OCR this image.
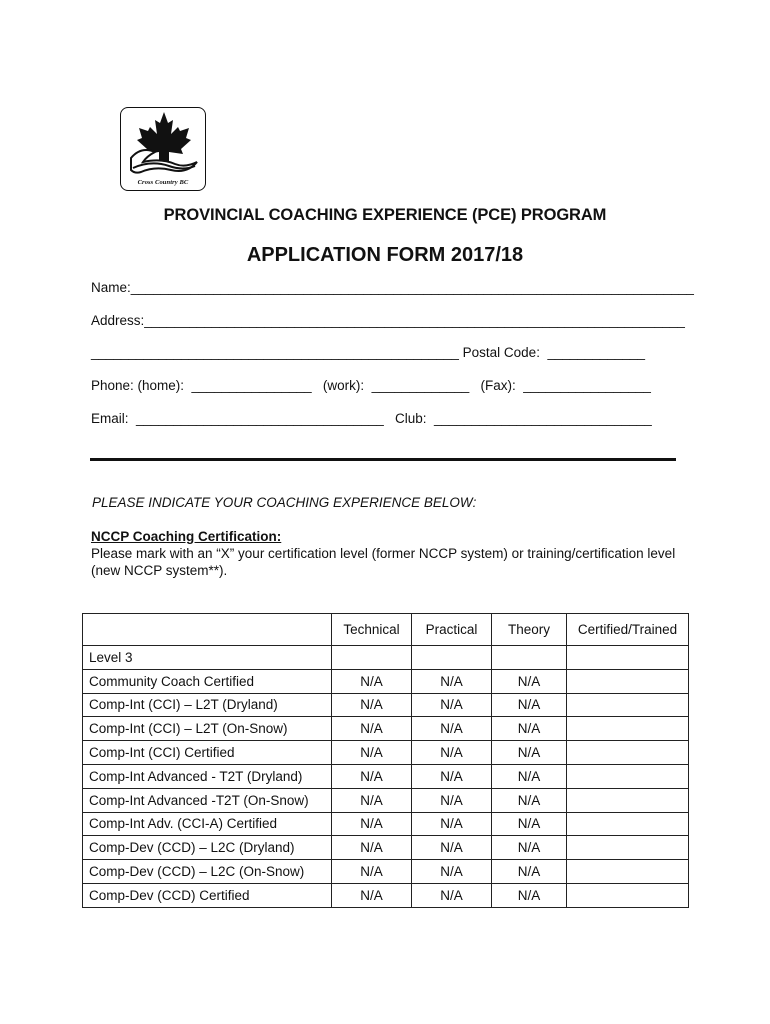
Cross Country BC
PROVINCIAL COACHING EXPERIENCE (PCE) PROGRAM
APPLICATION FORM 2017/18
Name:___________________________________________________________________________
Address:________________________________________________________________________
_________________________________________________ Postal Code:  _____________
Phone: (home):  ________________   (work):  _____________   (Fax):  _________________
Email:  _________________________________   Club:  _____________________________
PLEASE INDICATE YOUR COACHING EXPERIENCE BELOW:
NCCP Coaching Certification:
Please mark with an “X” your certification level (former NCCP system) or training/certification level (new NCCP system**).
	Technical	Practical	Theory	Certified/Trained
Level 3				
Community Coach Certified	N/A	N/A	N/A	
Comp-Int (CCI) – L2T (Dryland)	N/A	N/A	N/A	
Comp-Int (CCI) – L2T (On-Snow)	N/A	N/A	N/A	
Comp-Int (CCI) Certified	N/A	N/A	N/A	
Comp-Int Advanced - T2T (Dryland)	N/A	N/A	N/A	
Comp-Int Advanced -T2T (On-Snow)	N/A	N/A	N/A	
Comp-Int Adv. (CCI-A) Certified	N/A	N/A	N/A	
Comp-Dev (CCD) – L2C (Dryland)	N/A	N/A	N/A	
Comp-Dev (CCD) – L2C (On-Snow)	N/A	N/A	N/A	
Comp-Dev (CCD) Certified	N/A	N/A	N/A	
